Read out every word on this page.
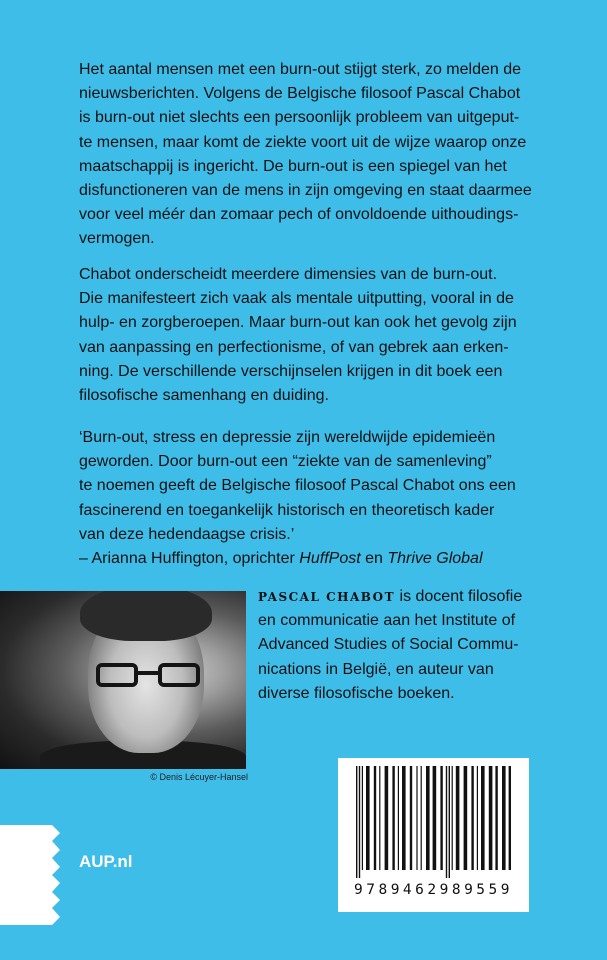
Het aantal mensen met een burn-out stijgt sterk, zo melden de
nieuwsberichten. Volgens de Belgische filosoof Pascal Chabot
is burn-out niet slechts een persoonlijk probleem van uitgeput-
te mensen, maar komt de ziekte voort uit de wijze waarop onze
maatschappij is ingericht. De burn-out is een spiegel van het
disfunctioneren van de mens in zijn omgeving en staat daarmee
voor veel méér dan zomaar pech of onvoldoende uithoudings-
vermogen.
Chabot onderscheidt meerdere dimensies van de burn-out.
Die manifesteert zich vaak als mentale uitputting, vooral in de
hulp- en zorgberoepen. Maar burn-out kan ook het gevolg zijn
van aanpassing en perfectionisme, of van gebrek aan erken-
ning. De verschillende verschijnselen krijgen in dit boek een
filosofische samenhang en duiding.
‘Burn-out, stress en depressie zijn wereldwijde epidemieën
geworden. Door burn-out een “ziekte van de samenleving”
te noemen geeft de Belgische filosoof Pascal Chabot ons een
fascinerend en toegankelijk historisch en theoretisch kader
van deze hedendaagse crisis.’
– Arianna Huffington, oprichter HuffPost en Thrive Global
© Denis Lécuyer-Hansel
PASCAL CHABOT is docent filosofie
en communicatie aan het Institute of
Advanced Studies of Social Commu-
nications in België, en auteur van
diverse filosofische boeken.
9789462989559
AUP.nl
